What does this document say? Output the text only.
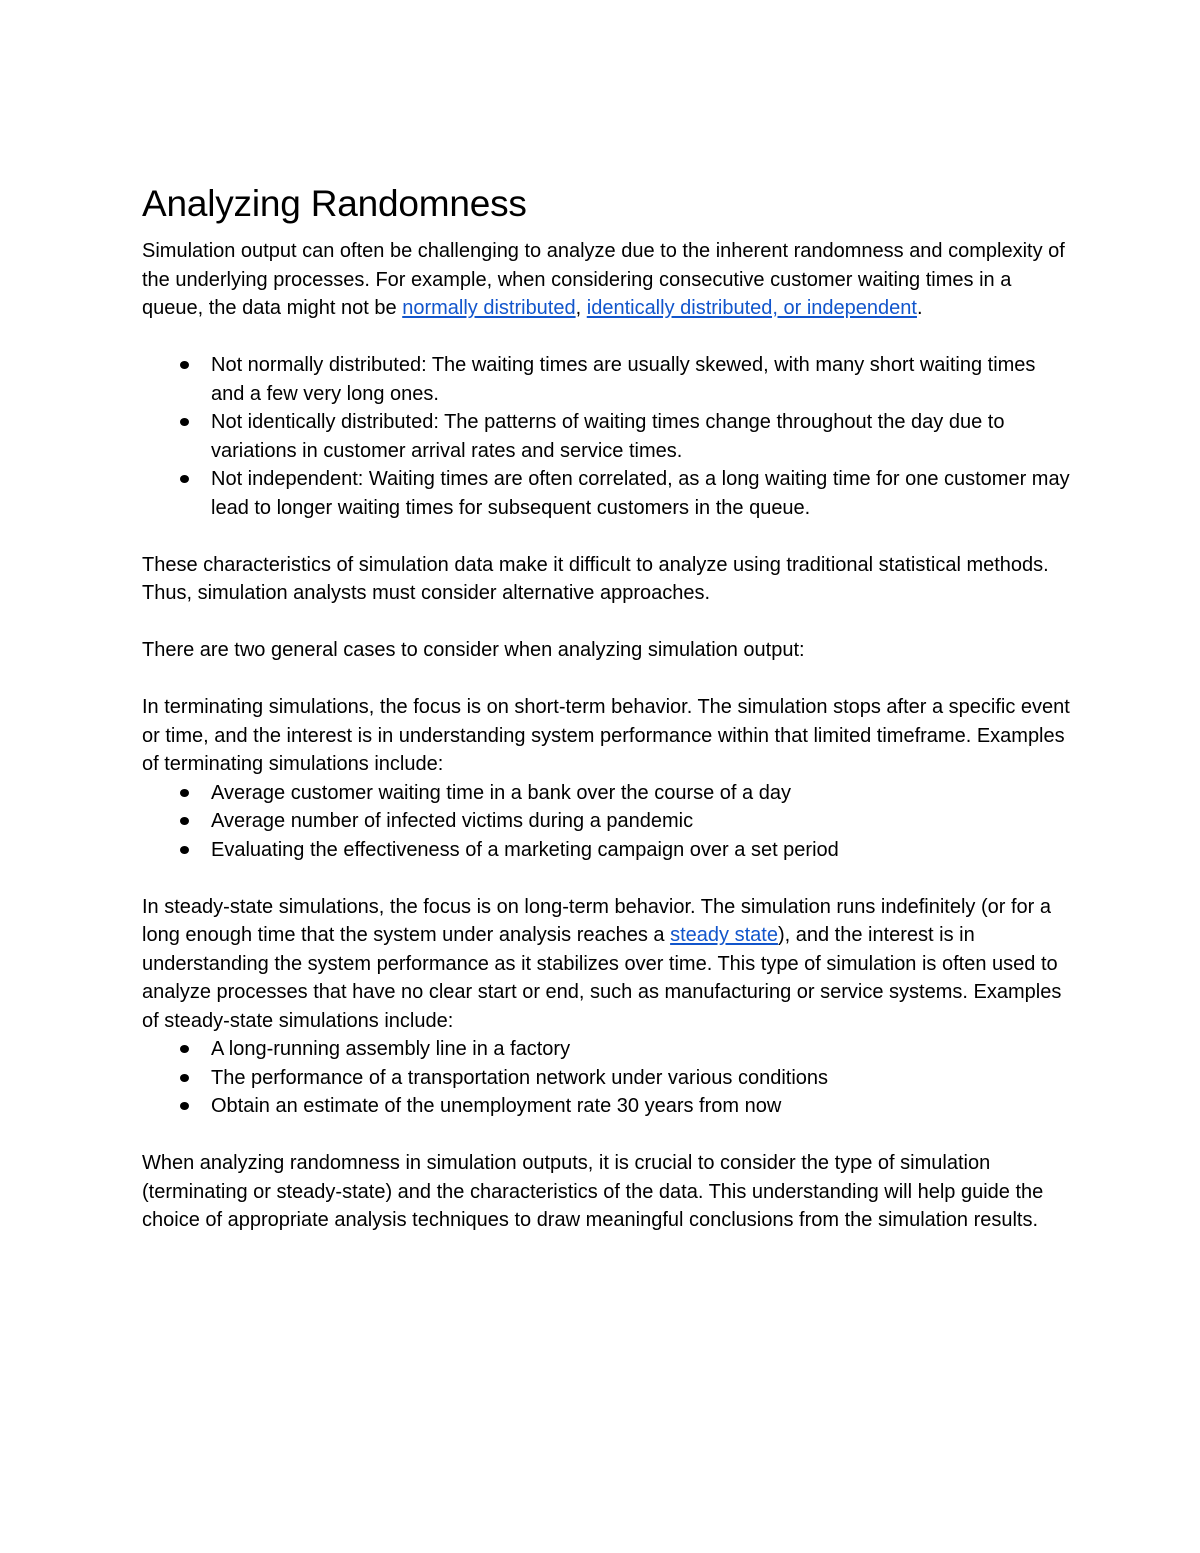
Analyzing Randomness

Simulation output can often be challenging to analyze due to the inherent randomness and complexity of the underlying processes. For example, when considering consecutive customer waiting times in a queue, the data might not be normally distributed, identically distributed, or independent.

Not normally distributed: The waiting times are usually skewed, with many short waiting times and a few very long ones.
Not identically distributed: The patterns of waiting times change throughout the day due to variations in customer arrival rates and service times.
Not independent: Waiting times are often correlated, as a long waiting time for one customer may lead to longer waiting times for subsequent customers in the queue.

These characteristics of simulation data make it difficult to analyze using traditional statistical methods. Thus, simulation analysts must consider alternative approaches.

There are two general cases to consider when analyzing simulation output:

In terminating simulations, the focus is on short-term behavior. The simulation stops after a specific event or time, and the interest is in understanding system performance within that limited timeframe. Examples of terminating simulations include:

Average customer waiting time in a bank over the course of a day
Average number of infected victims during a pandemic
Evaluating the effectiveness of a marketing campaign over a set period

In steady-state simulations, the focus is on long-term behavior. The simulation runs indefinitely (or for a long enough time that the system under analysis reaches a steady state), and the interest is in understanding the system performance as it stabilizes over time. This type of simulation is often used to analyze processes that have no clear start or end, such as manufacturing or service systems. Examples of steady-state simulations include:

A long-running assembly line in a factory
The performance of a transportation network under various conditions
Obtain an estimate of the unemployment rate 30 years from now

When analyzing randomness in simulation outputs, it is crucial to consider the type of simulation (terminating or steady-state) and the characteristics of the data. This understanding will help guide the choice of appropriate analysis techniques to draw meaningful conclusions from the simulation results.
